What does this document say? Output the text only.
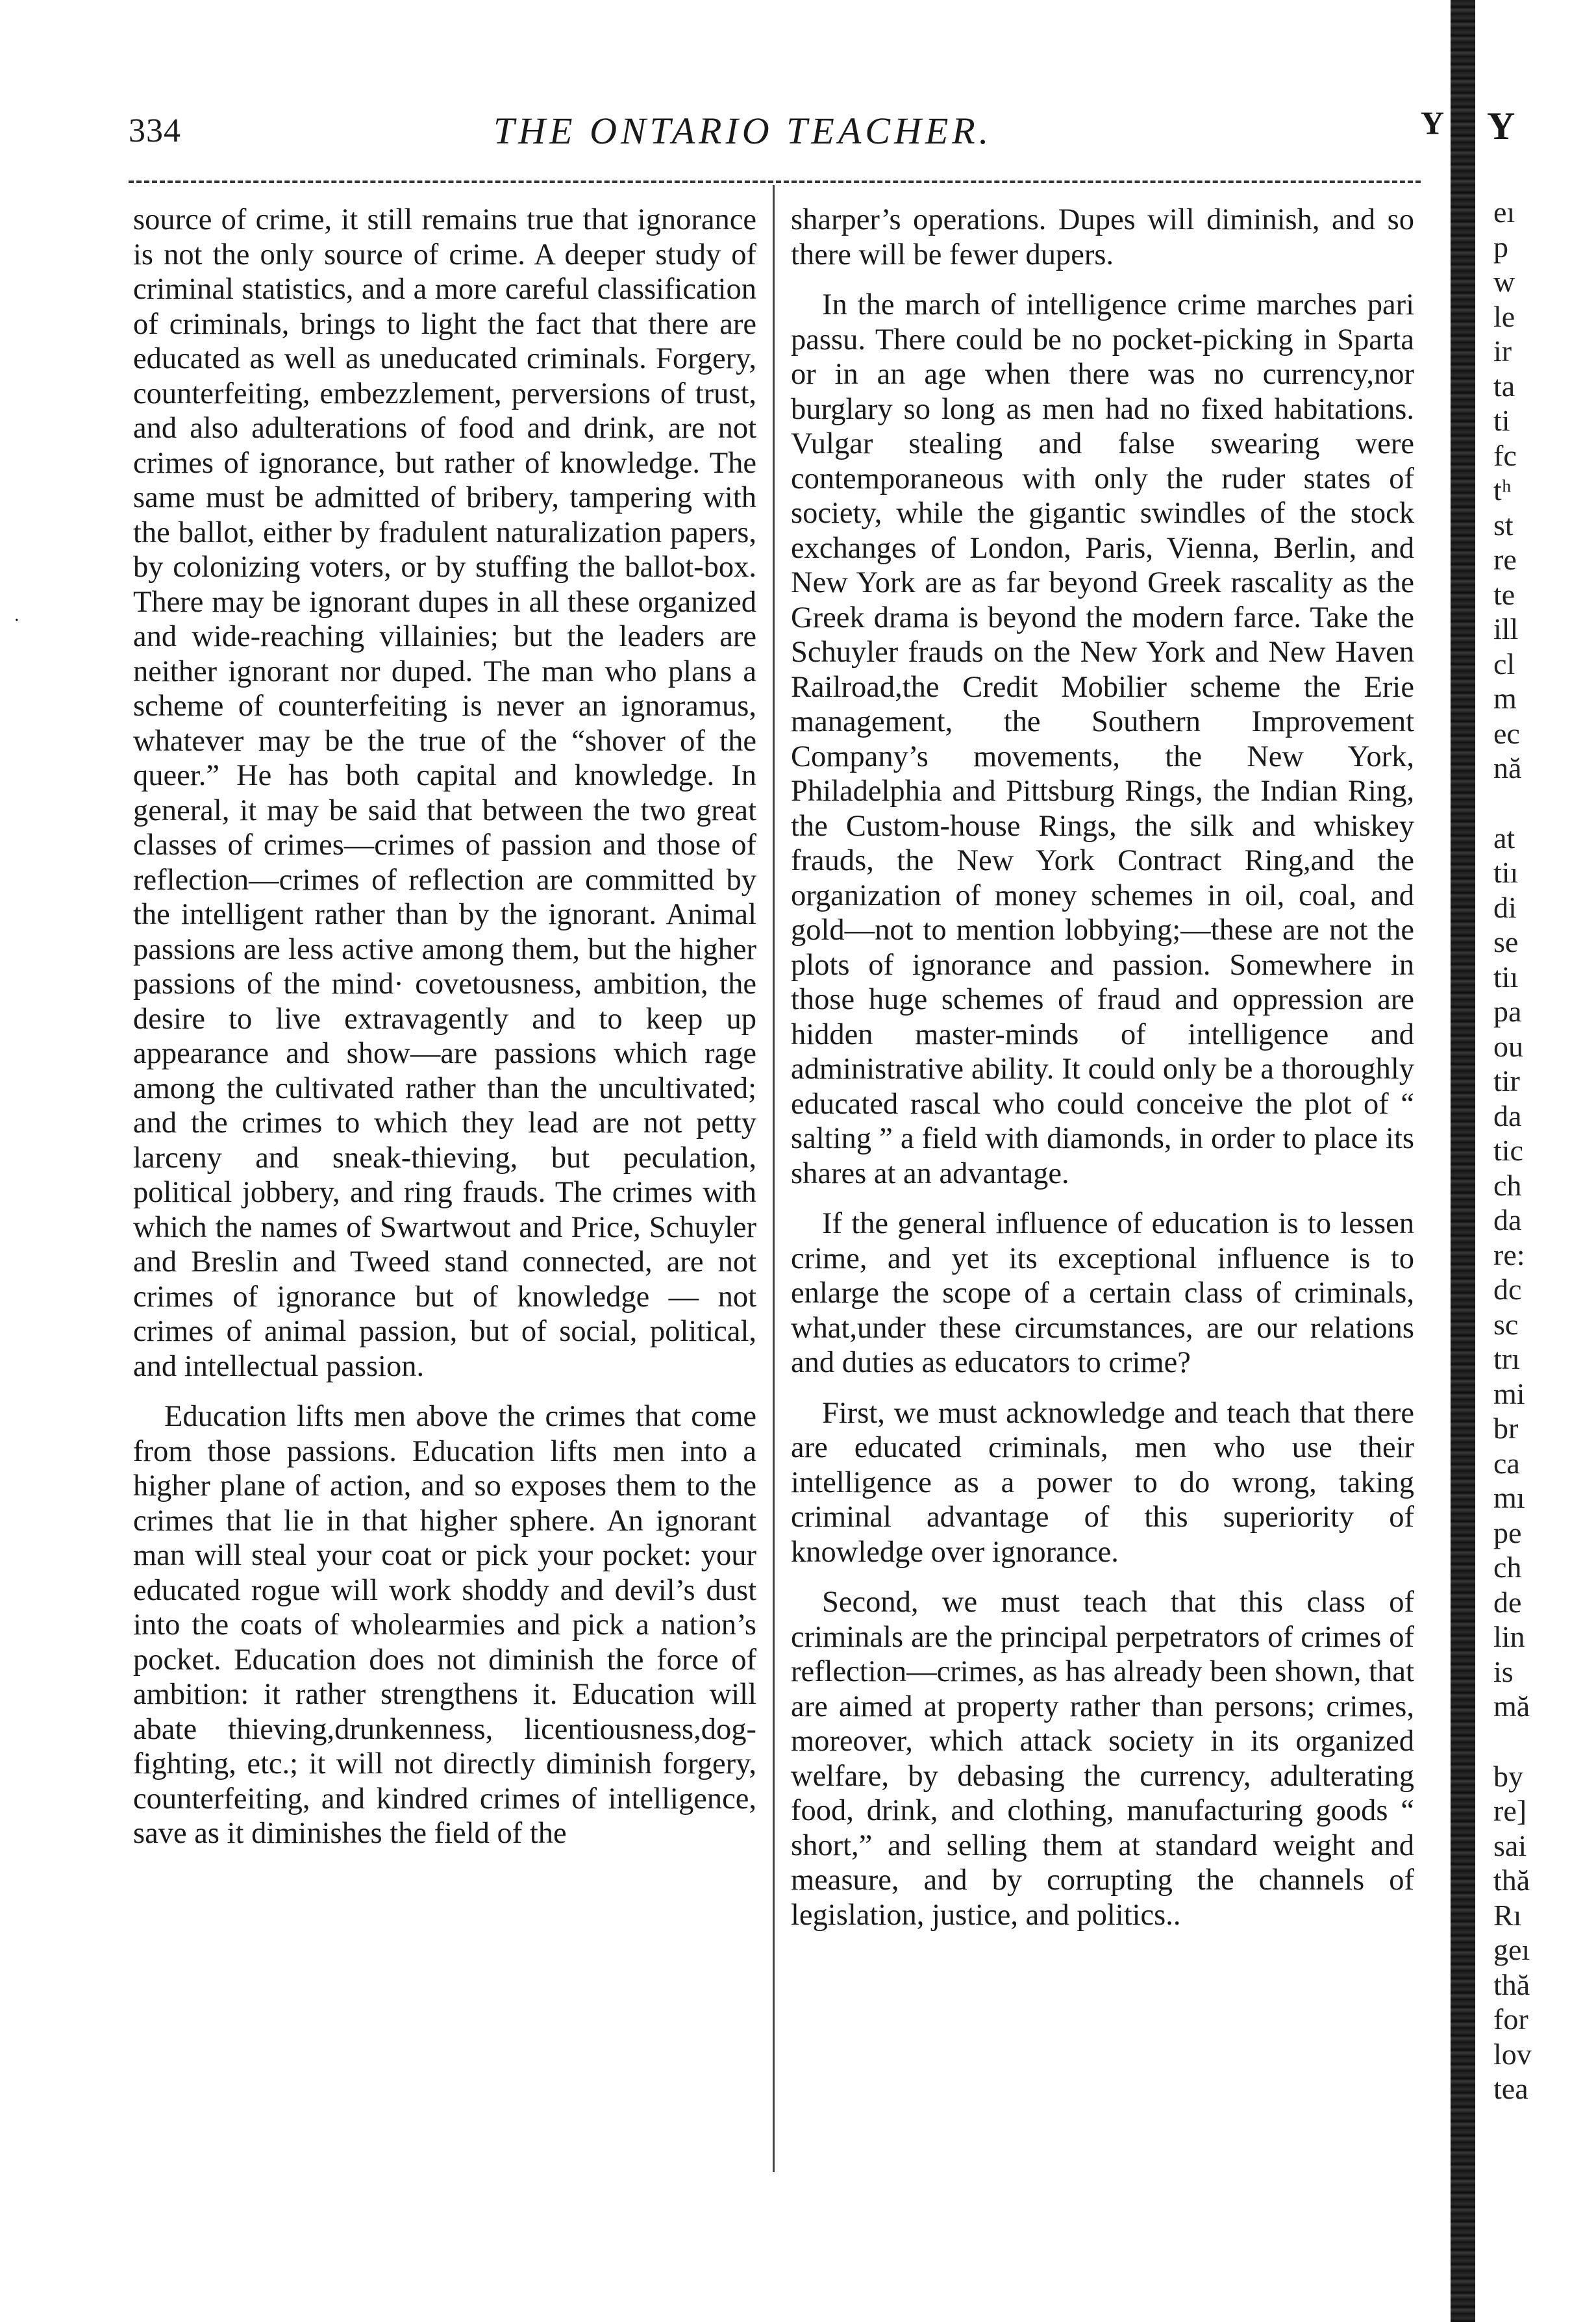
334	THE ONTARIO TEACHER.	Y
.

source of crime, it still remains true that ignorance is not the only source of crime. A deeper study of criminal statistics, and a more careful classification of criminals, brings to light the fact that there are educated as well as uneducated criminals. Forgery, counterfeiting, embezzlement, perversions of trust, and also adulterations of food and drink, are not crimes of ignorance, but rather of knowledge. The same must be admitted of bribery, tampering with the ballot, either by fradulent naturalization papers, by colonizing voters, or by stuffing the ballot-box. There may be ignorant dupes in all these organized and wide-reaching villainies; but the leaders are neither ignorant nor duped. The man who plans a scheme of counterfeiting is never an ignoramus, whatever may be the true of the “shover of the queer.” He has both capital and knowledge. In general, it may be said that between the two great classes of crimes—crimes of passion and those of reflection—crimes of reflection are committed by the intelligent rather than by the ignorant. Animal passions are less active among them, but the higher passions of the mind· covetousness, ambition, the desire to live extravagently and to keep up appearance and show—are passions which rage among the cultivated rather than the uncultivated; and the crimes to which they lead are not petty larceny and sneak-thieving, but peculation, political jobbery, and ring frauds. The crimes with which the names of Swartwout and Price, Schuyler and Breslin and Tweed stand connected, are not crimes of ignorance but of knowledge — not crimes of animal passion, but of social, political, and intellectual passion.

Education lifts men above the crimes that come from those passions. Education lifts men into a higher plane of action, and so exposes them to the crimes that lie in that higher sphere. An ignorant man will steal your coat or pick your pocket: your educated rogue will work shoddy and devil’s dust into the coats of wholearmies and pick a nation’s pocket. Education does not diminish the force of ambition: it rather strengthens it. Education will abate thieving,drunkenness, licentiousness,dog-fighting, etc.; it will not directly diminish forgery, counterfeiting, and kindred crimes of intelligence, save as it diminishes the field of the

sharper’s operations. Dupes will diminish, and so there will be fewer dupers.

In the march of intelligence crime marches pari passu. There could be no pocket-picking in Sparta or in an age when there was no currency,nor burglary so long as men had no fixed habitations. Vulgar stealing and false swearing were contemporaneous with only the ruder states of society, while the gigantic swindles of the stock exchanges of London, Paris, Vienna, Berlin, and New York are as far beyond Greek rascality as the Greek drama is beyond the modern farce. Take the Schuyler frauds on the New York and New Haven Railroad,the Credit Mobilier scheme the Erie management, the Southern Improvement Company’s movements, the New York, Philadelphia and Pittsburg Rings, the Indian Ring, the Custom-house Rings, the silk and whiskey frauds, the New York Contract Ring,and the organization of money schemes in oil, coal, and gold—not to mention lobbying;—these are not the plots of ignorance and passion. Somewhere in those huge schemes of fraud and oppression are hidden master-minds of intelligence and administrative ability. It could only be a thoroughly educated rascal who could conceive the plot of “ salting ” a field with diamonds, in order to place its shares at an advantage.

If the general influence of education is to lessen crime, and yet its exceptional influence is to enlarge the scope of a certain class of criminals, what,under these circumstances, are our relations and duties as educators to crime?

First, we must acknowledge and teach that there are educated criminals, men who use their intelligence as a power to do wrong, taking criminal advantage of this superiority of knowledge over ignorance.

Second, we must teach that this class of criminals are the principal perpetrators of crimes of reflection—crimes, as has already been shown, that are aimed at property rather than persons; crimes, moreover, which attack society in its organized welfare, by debasing the currency, adulterating food, drink, and clothing, manufacturing goods “ short,” and selling them at standard weight and measure, and by corrupting the channels of legislation, justice, and politics..

Y
eı
p
w
le
ir
ta
ti
fc
tʰ
st
re
te
ill
cl
m
ec
nă
at
tiı
di
se
tiı
pa
ou
tir
da
tic
ch
da
re:
dc
sc
trı
mi
br
ca
mı
pe
ch
de
lin
is
mă
by
re]
sai
thă
Rı
geı
thă
for
lov
tea
